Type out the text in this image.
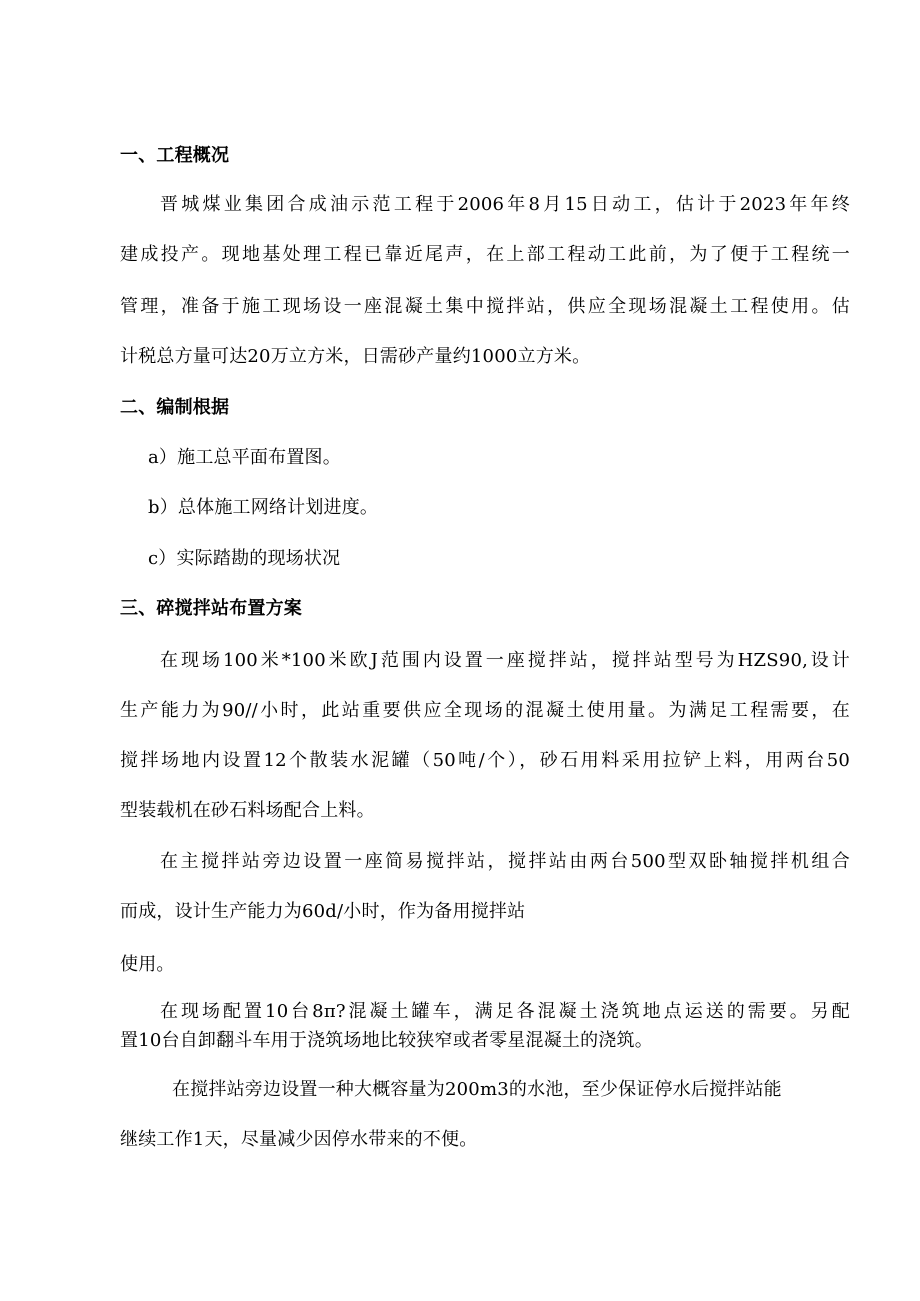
一、工程概况
晋城煤业集团合成油示范工程于2006年8月15日动工，估计于2023年年终
建成投产。现地基处理工程已靠近尾声，在上部工程动工此前，为了便于工程统一
管理，准备于施工现场设一座混凝土集中搅拌站，供应全现场混凝土工程使用。估
计税总方量可达20万立方米，日需砂产量约1000立方米。
二、编制根据
a）施工总平面布置图。
b）总体施工网络计划进度。
c）实际踏勘的现场状况
三、碎搅拌站布置方案
在现场100米*100米欧J范围内设置一座搅拌站，搅拌站型号为HZS90,设计
生产能力为90//小时，此站重要供应全现场的混凝土使用量。为满足工程需要，在
搅拌场地内设置12个散装水泥罐（50吨/个），砂石用料采用拉铲上料，用两台50
型装载机在砂石料场配合上料。
在主搅拌站旁边设置一座简易搅拌站，搅拌站由两台500型双卧轴搅拌机组合
而成，设计生产能力为60d/小时，作为备用搅拌站
使用。
在现场配置10台8π?混凝土罐车，满足各混凝土浇筑地点运送的需要。另配
置10台自卸翻斗车用于浇筑场地比较狭窄或者零星混凝土的浇筑。
在搅拌站旁边设置一种大概容量为200m3的水池，至少保证停水后搅拌站能
继续工作1天，尽量减少因停水带来的不便。
